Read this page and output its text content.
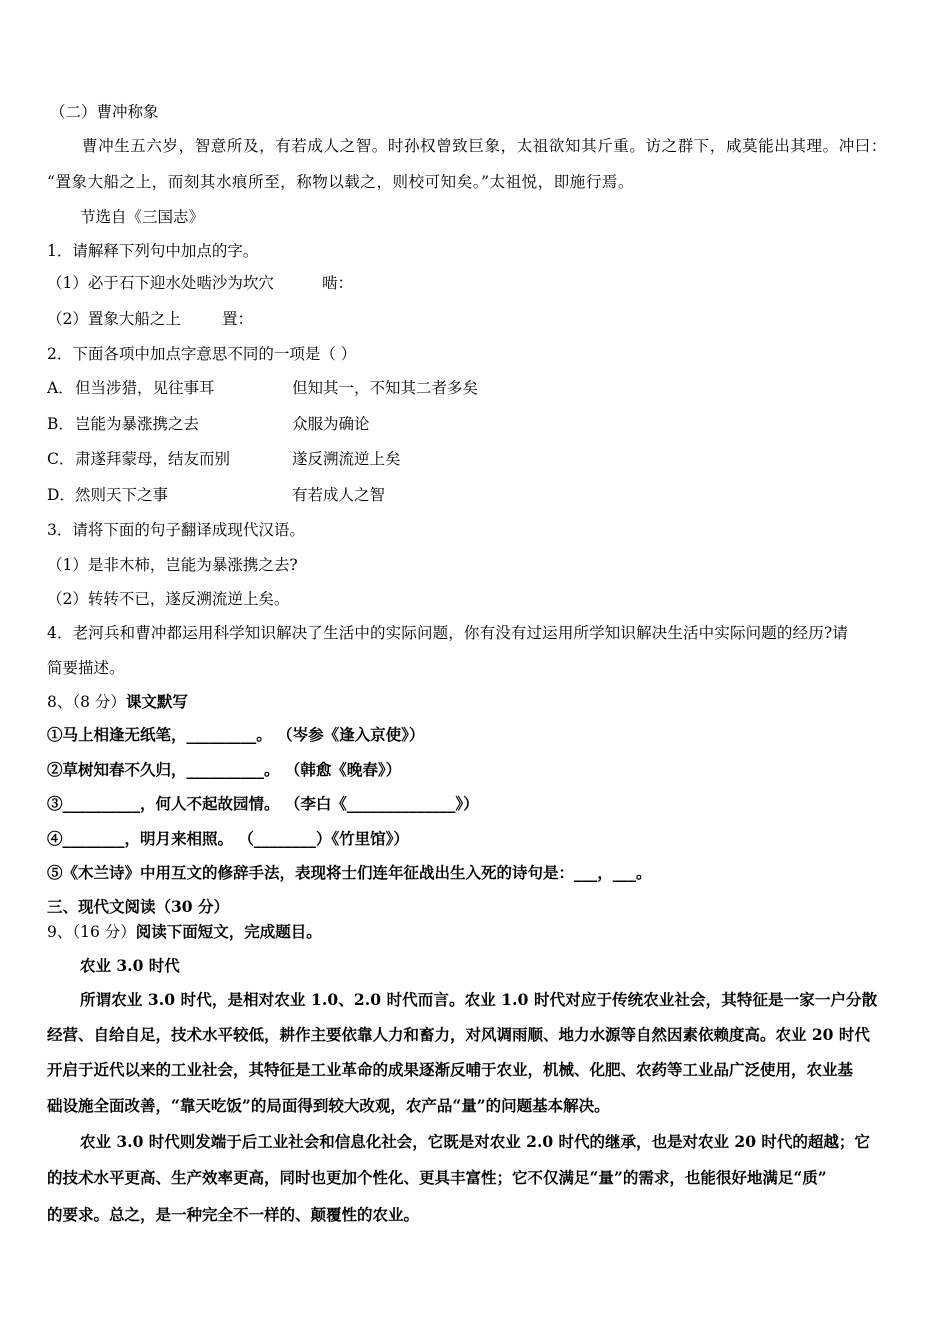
（二）曹冲称象
曹冲生五六岁，智意所及，有若成人之智。时孙权曾致巨象，太祖欲知其斤重。访之群下，咸莫能出其理。冲曰：
“置象大船之上，而刻其水痕所至，称物以载之，则校可知矣。”太祖悦，即施行焉。
节选自《三国志》
1．请解释下列句中加点的字。
（1）必于石下迎水处啮沙为坎穴	啮：
（2）置象大船之上	置：
2．下面各项中加点字意思不同的一项是（ ）
A． 但当涉猎，见往事耳	但知其一，不知其二者多矣
B． 岂能为暴涨携之去	众服为确论
C． 肃遂拜蒙母，结友而别	遂反溯流逆上矣
D． 然则天下之事	有若成人之智
3．请将下面的句子翻译成现代汉语。
（1）是非木柿，岂能为暴涨携之去?
（2）转转不已，遂反溯流逆上矣。
4．老河兵和曹冲都运用科学知识解决了生活中的实际问题，你有没有过运用所学知识解决生活中实际问题的经历?请
简要描述。
8、（8 分）课文默写
①马上相逢无纸笔，_________。 （岑参《逢入京使》）
②草树知春不久归，__________。 （韩愈《晚春》）
③__________，何人不起故园情。 （李白《______________》）
④________，明月来相照。 （________）《竹里馆》）
⑤《木兰诗》中用互文的修辞手法，表现将士们连年征战出生入死的诗句是：___，___。
三、现代文阅读（30 分）
9、（16 分）阅读下面短文，完成题目。
农业 3.0 时代
所谓农业 3.0 时代，是相对农业 1.0、2.0 时代而言。农业 1.0 时代对应于传统农业社会，其特征是一家一户分散
经营、自给自足，技术水平较低，耕作主要依靠人力和畜力，对风调雨顺、地力水源等自然因素依赖度高。农业 20 时代
开启于近代以来的工业社会，其特征是工业革命的成果逐渐反哺于农业，机械、化肥、农药等工业品广泛使用，农业基
础设施全面改善，“靠天吃饭”的局面得到较大改观，农产品“量”的问题基本解决。
农业 3.0 时代则发端于后工业社会和信息化社会，它既是对农业 2.0 时代的继承，也是对农业 20 时代的超越；它
的技术水平更高、生产效率更高，同时也更加个性化、更具丰富性；它不仅满足“量”的需求，也能很好地满足“质”
的要求。总之，是一种完全不一样的、颠覆性的农业。
